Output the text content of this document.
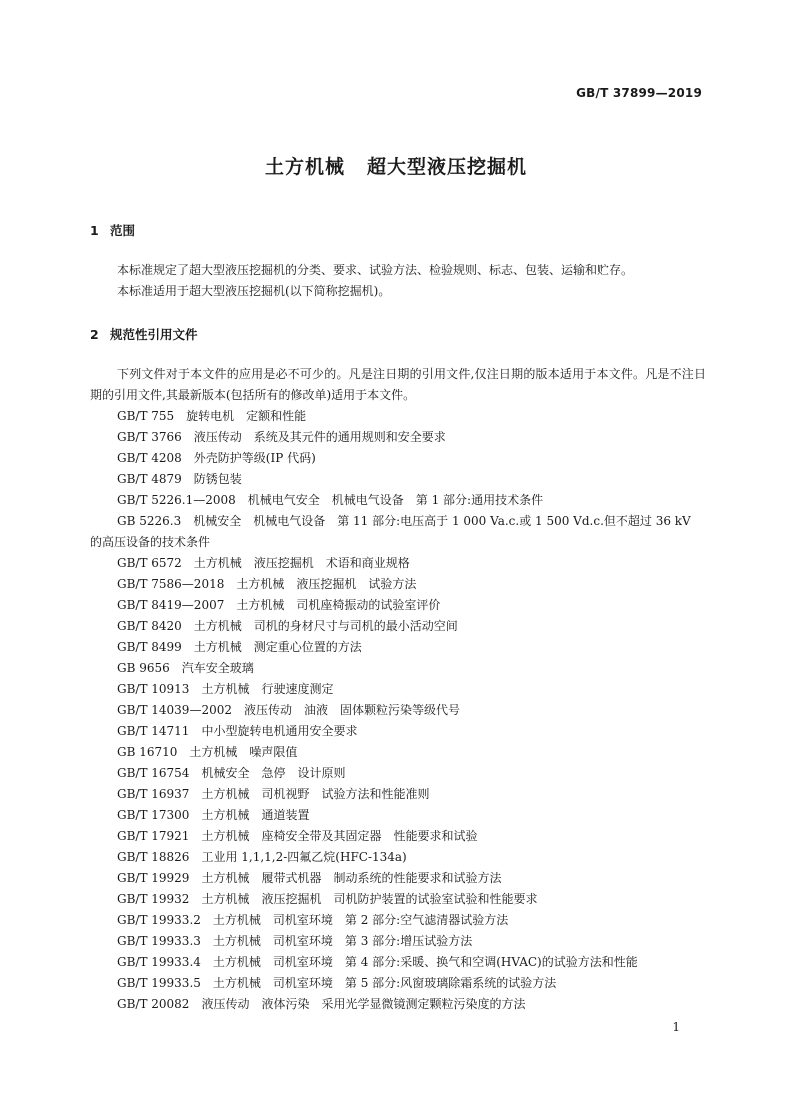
GB/T 37899—2019

土方机械 超大型液压挖掘机
1 范围

本标准规定了超大型液压挖掘机的分类、要求、试验方法、检验规则、标志、包装、运输和贮存。

本标准适用于超大型液压挖掘机(以下简称挖掘机)。

2 规范性引用文件

下列文件对于本文件的应用是必不可少的。凡是注日期的引用文件,仅注日期的版本适用于本文件。凡是不注日期的引用文件,其最新版本(包括所有的修改单)适用于本文件。

GB/T 755　旋转电机　定额和性能
GB/T 3766　液压传动　系统及其元件的通用规则和安全要求
GB/T 4208　外壳防护等级(IP 代码)
GB/T 4879　防锈包装
GB/T 5226.1—2008　机械电气安全　机械电气设备　第 1 部分:通用技术条件
GB 5226.3　机械安全　机械电气设备　第 11 部分:电压高于 1 000 Va.c.或 1 500 Vd.c.但不超过 36 kV 的高压设备的技术条件
GB/T 6572　土方机械　液压挖掘机　术语和商业规格
GB/T 7586—2018　土方机械　液压挖掘机　试验方法
GB/T 8419—2007　土方机械　司机座椅振动的试验室评价
GB/T 8420　土方机械　司机的身材尺寸与司机的最小活动空间
GB/T 8499　土方机械　测定重心位置的方法
GB 9656　汽车安全玻璃
GB/T 10913　土方机械　行驶速度测定
GB/T 14039—2002　液压传动　油液　固体颗粒污染等级代号
GB/T 14711　中小型旋转电机通用安全要求
GB 16710　土方机械　噪声限值
GB/T 16754　机械安全　急停　设计原则
GB/T 16937　土方机械　司机视野　试验方法和性能准则
GB/T 17300　土方机械　通道装置
GB/T 17921　土方机械　座椅安全带及其固定器　性能要求和试验
GB/T 18826　工业用 1,1,1,2-四氟乙烷(HFC-134a)
GB/T 19929　土方机械　履带式机器　制动系统的性能要求和试验方法
GB/T 19932　土方机械　液压挖掘机　司机防护装置的试验室试验和性能要求
GB/T 19933.2　土方机械　司机室环境　第 2 部分:空气滤清器试验方法
GB/T 19933.3　土方机械　司机室环境　第 3 部分:增压试验方法
GB/T 19933.4　土方机械　司机室环境　第 4 部分:采暖、换气和空调(HVAC)的试验方法和性能
GB/T 19933.5　土方机械　司机室环境　第 5 部分:风窗玻璃除霜系统的试验方法
GB/T 20082　液压传动　液体污染　采用光学显微镜测定颗粒污染度的方法

1
